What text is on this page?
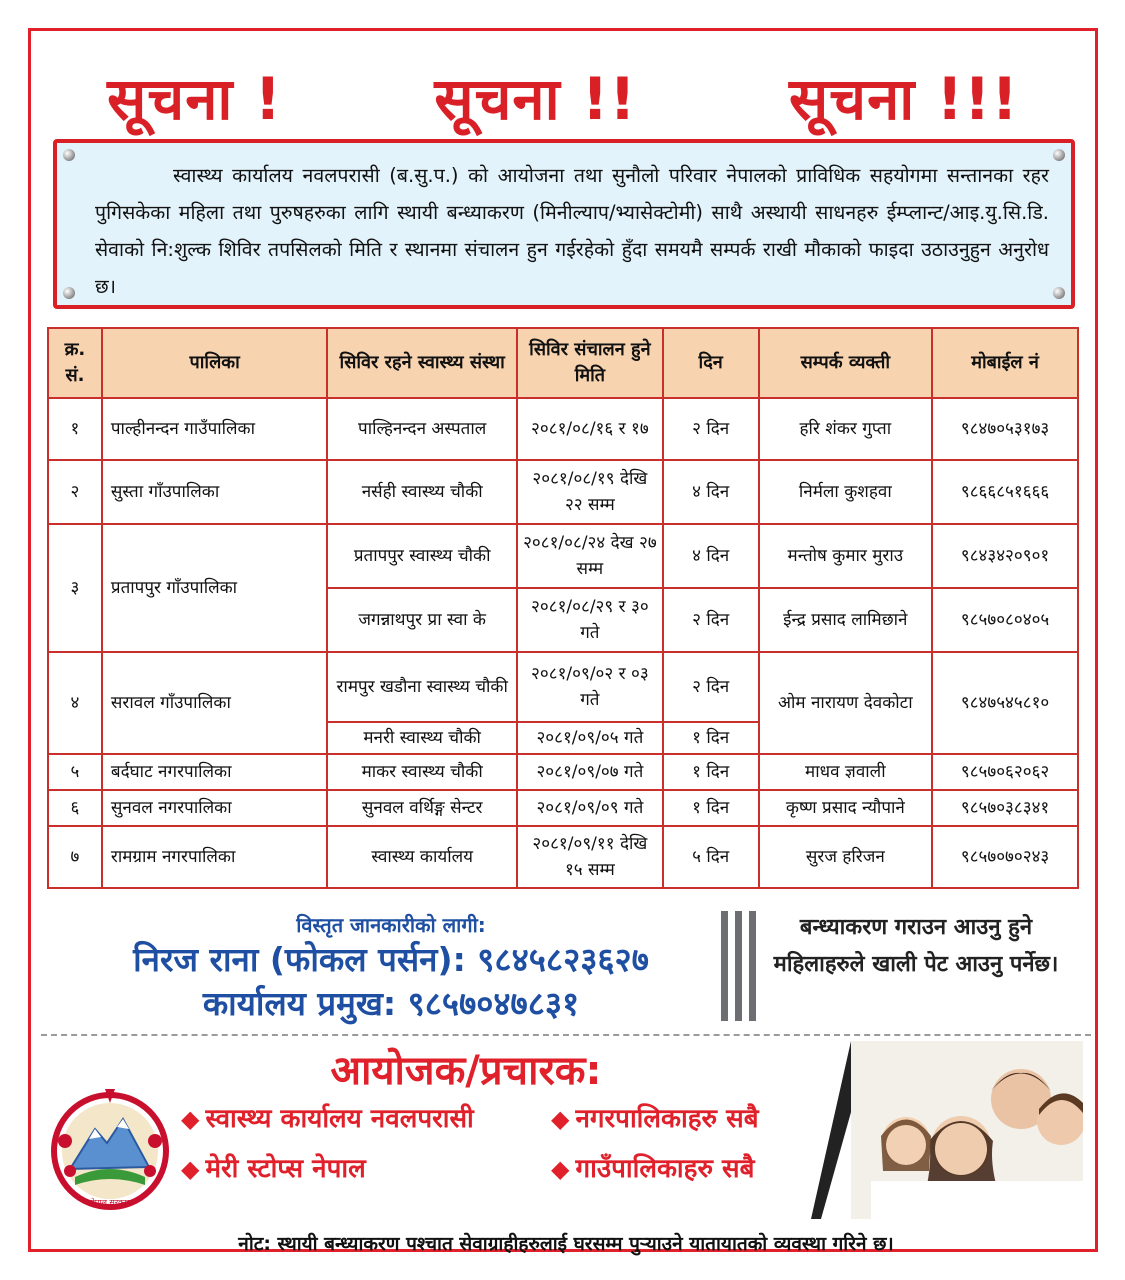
सूचना !	सूचना !!	सूचना !!!

स्वास्थ्य कार्यालय नवलपरासी (ब.सु.प.) को आयोजना तथा सुनौलो परिवार नेपालको प्राविधिक सहयोगमा सन्तानका रहर पुगिसकेका महिला तथा पुरुषहरुका लागि स्थायी बन्ध्याकरण (मिनील्याप/भ्यासेक्टोमी) साथै अस्थायी साधनहरु ईम्प्लान्ट/आइ.यु.सि.डि. सेवाको नि:शुल्क शिविर तपसिलको मिति र स्थानमा संचालन हुन गईरहेको हुँदा समयमै सम्पर्क राखी मौकाको फाइदा उठाउनुहुन अनुरोध छ।

क्र. सं.	पालिका	सिविर रहने स्वास्थ्य संस्था	सिविर संचालन हुने मिति	दिन	सम्पर्क व्यक्ती	मोबाईल नं
१	पाल्हीनन्दन गाउँपालिका	पाल्हिनन्दन अस्पताल	२०८१/०८/१६ र १७	२ दिन	हरि शंकर गुप्ता	९८४७०५३१७३
२	सुस्ता गाँउपालिका	नर्सही स्वास्थ्य चौकी	२०८१/०८/१९ देखि २२ सम्म	४ दिन	निर्मला कुशहवा	९८६६८५१६६६
३	प्रतापपुर गाँउपालिका	प्रतापपुर स्वास्थ्य चौकी	२०८१/०८/२४ देख २७ सम्म	४ दिन	मन्तोष कुमार मुराउ	९८४३४२०९०१
		जगन्नाथपुर प्रा स्वा के	२०८१/०८/२९ र ३० गते	२ दिन	ईन्द्र प्रसाद लामिछाने	९८५७०८०४०५
४	सरावल गाँउपालिका	रामपुर खडौना स्वास्थ्य चौकी	२०८१/०९/०२ र ०३ गते	२ दिन	ओम नारायण देवकोटा	९८४७५४५८१०
		मनरी स्वास्थ्य चौकी	२०८१/०९/०५ गते	१ दिन		
५	बर्दघाट नगरपालिका	माकर स्वास्थ्य चौकी	२०८१/०९/०७ गते	१ दिन	माधव ज्ञवाली	९८५७०६२०६२
६	सुनवल नगरपालिका	सुनवल वर्थिङ्ग सेन्टर	२०८१/०९/०९ गते	१ दिन	कृष्ण प्रसाद न्यौपाने	९८५७०३८३४१
७	रामग्राम नगरपालिका	स्वास्थ्य कार्यालय	२०८१/०९/११ देखि १५ सम्म	५ दिन	सुरज हरिजन	९८५७०७०२४३
विस्तृत जानकारीको लागी:
निरज राना (फोकल पर्सन): ९८४५८२३६२७
कार्यालय प्रमुख: ९८५७०४७८३१
बन्ध्याकरण गराउन आउनु हुने महिलाहरुले खाली पेट आउनु पर्नेछ।
आयोजक/प्रचारक:
नेपाल सरकार
◆ स्वास्थ्य कार्यालय नवलपरासी	◆ नगरपालिकाहरु सबै
◆ मेरी स्टोप्स नेपाल	◆ गाउँपालिकाहरु सबै
नोट: स्थायी बन्ध्याकरण पश्चात सेवाग्राहीहरुलाई घरसम्म पुर्‍याउने यातायातको व्यवस्था गरिने छ।
